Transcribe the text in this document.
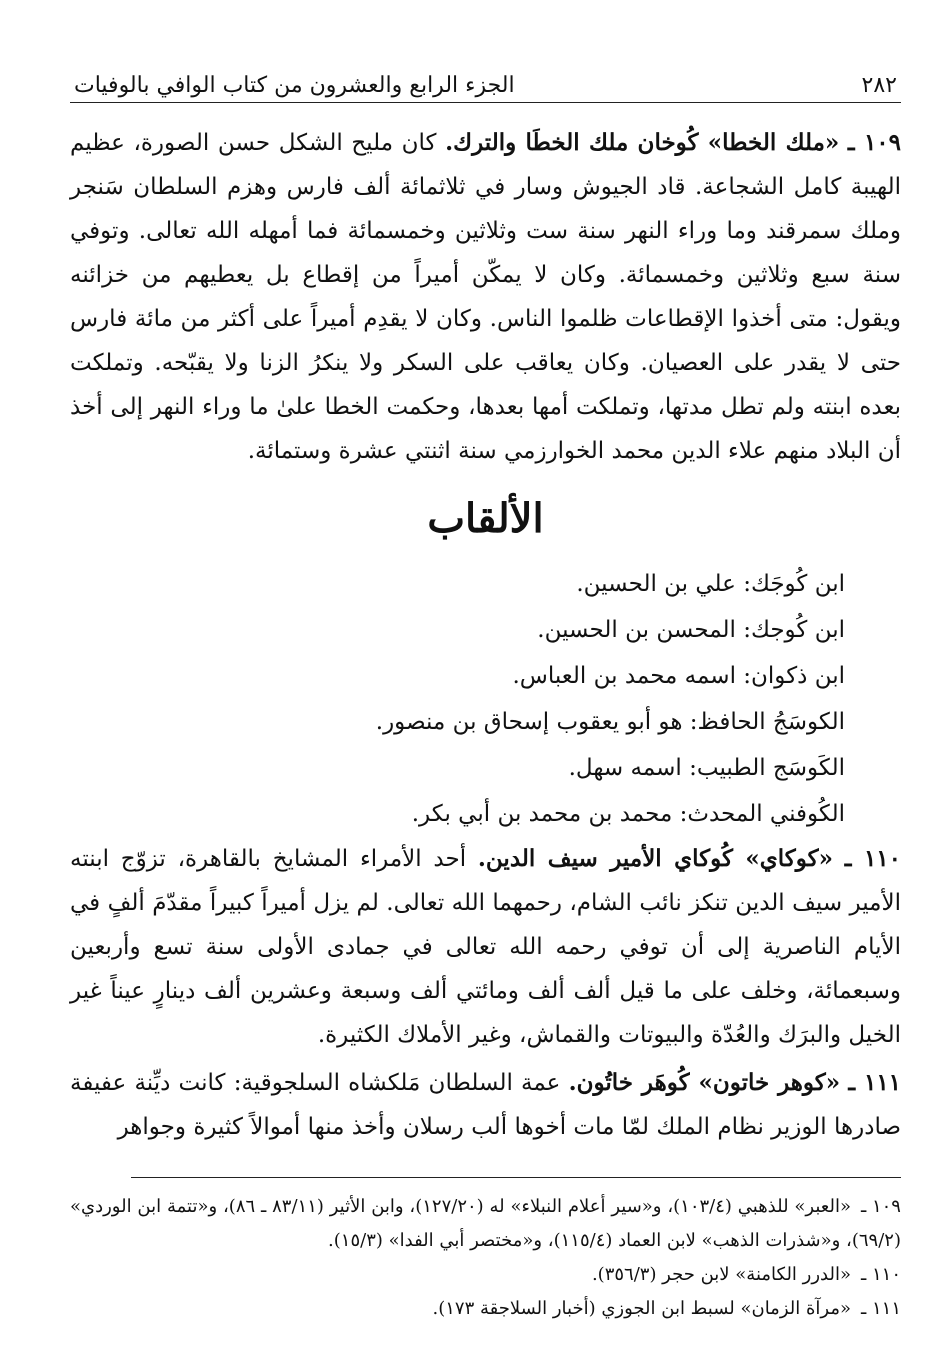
٢٨٢
الجزء الرابع والعشرون من كتاب الوافي بالوفيات
١٠٩ ـ «ملك الخطا» كُوخان ملك الخطَا والترك. كان مليح الشكل حسن الصورة، عظيم الهيبة كامل الشجاعة. قاد الجيوش وسار في ثلاثمائة ألف فارس وهزم السلطان سَنجر وملك سمرقند وما وراء النهر سنة ست وثلاثين وخمسمائة فما أمهله الله تعالى. وتوفي سنة سبع وثلاثين وخمسمائة. وكان لا يمكّن أميراً من إقطاع بل يعطيهم من خزائنه ويقول: متى أخذوا الإقطاعات ظلموا الناس. وكان لا يقدِم أميراً على أكثر من مائة فارس حتى لا يقدر على العصيان. وكان يعاقب على السكر ولا ينكرُ الزنا ولا يقبّحه. وتملكت بعده ابنته ولم تطل مدتها، وتملكت أمها بعدها، وحكمت الخطا علىٰ ما وراء النهر إلى أخذ أن البلاد منهم علاء الدين محمد الخوارزمي سنة اثنتي عشرة وستمائة.
الألقاب
ابن كُوجَك: علي بن الحسين.
ابن كُوجك: المحسن بن الحسين.
ابن ذكوان: اسمه محمد بن العباس.
الكوسَجُ الحافظ: هو أبو يعقوب إسحاق بن منصور.
الكَوسَج الطبيب: اسمه سهل.
الكُوفني المحدث: محمد بن محمد بن أبي بكر.
١١٠ ـ «كوكاي» كُوكاي الأمير سيف الدين. أحد الأمراء المشايخ بالقاهرة، تزوّج ابنته الأمير سيف الدين تنكز نائب الشام، رحمهما الله تعالى. لم يزل أميراً كبيراً مقدّمَ ألفٍ في الأيام الناصرية إلى أن توفي رحمه الله تعالى في جمادى الأولى سنة تسع وأربعين وسبعمائة، وخلف على ما قيل ألف ألف ومائتي ألف وسبعة وعشرين ألف دينارٍ عيناً غير الخيل والبرَك والعُدّة والبيوتات والقماش، وغير الأملاك الكثيرة.
١١١ ـ «كوهر خاتون» كُوهَر خاتُون. عمة السلطان مَلكشاه السلجوقية: كانت ديِّنة عفيفة صادرها الوزير نظام الملك لمّا مات أخوها ألب رسلان وأخذ منها أموالاً كثيرة وجواهر
١٠٩ ـ«العبر» للذهبي (١٠٣/٤)، و«سير أعلام النبلاء» له (١٢٧/٢٠)، وابن الأثير (٨٣/١١ ـ ٨٦)، و«تتمة ابن الوردي» (٦٩/٢)، و«شذرات الذهب» لابن العماد (١١٥/٤)، و«مختصر أبي الفدا» (١٥/٣).
١١٠ ـ«الدرر الكامنة» لابن حجر (٣٥٦/٣).
١١١ ـ«مرآة الزمان» لسبط ابن الجوزي (أخبار السلاجقة ١٧٣).
